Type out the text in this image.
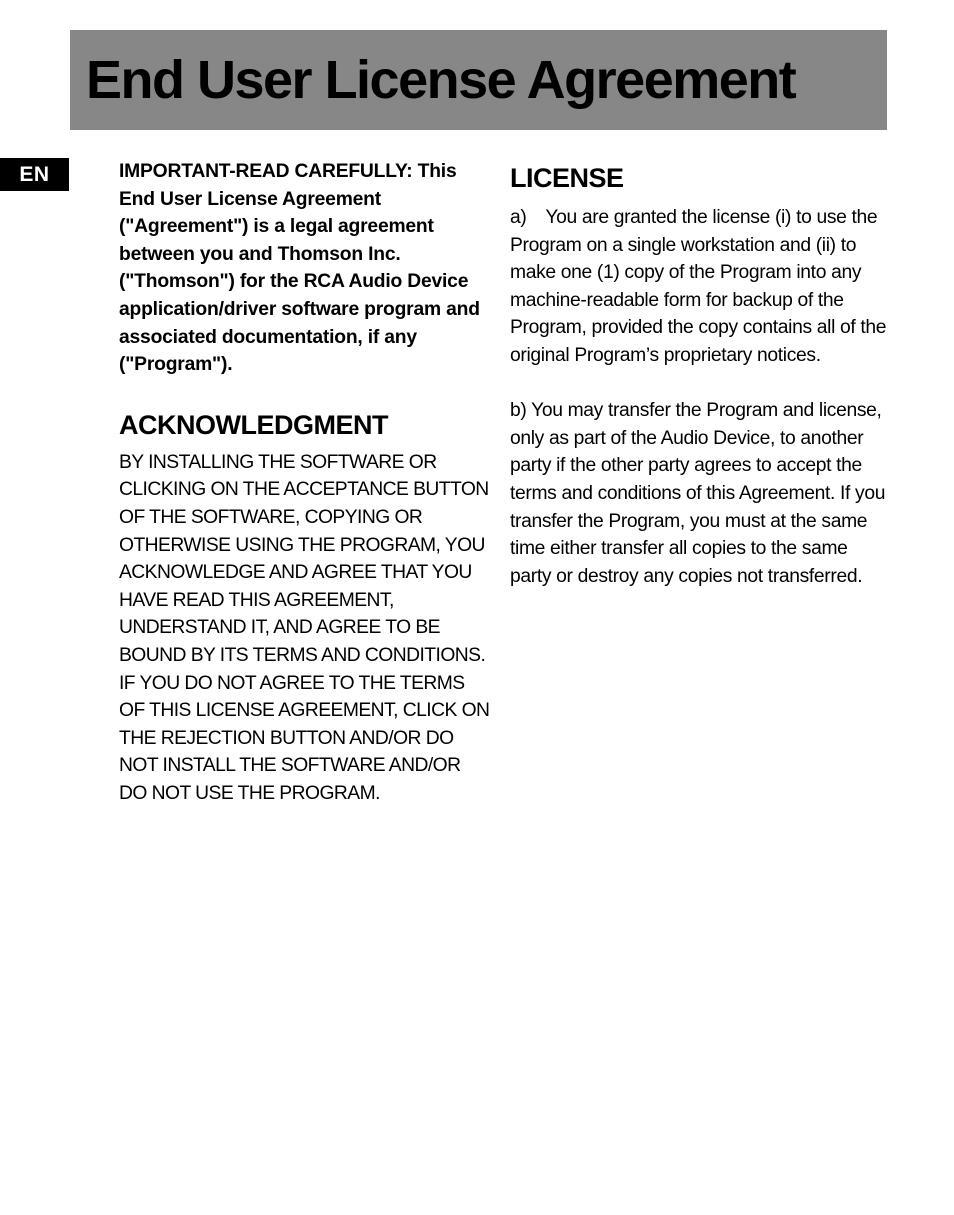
End User License Agreement
EN	IMPORTANT-READ CAREFULLY: This End User License Agreement ("Agreement") is a legal agreement between you and Thomson Inc. ("Thomson") for the RCA Audio Device application/driver software program and associated documentation, if any ("Program").

ACKNOWLEDGMENT

BY INSTALLING THE SOFTWARE OR CLICKING ON THE ACCEPTANCE BUTTON OF THE SOFTWARE, COPYING OR OTHERWISE USING THE PROGRAM, YOU ACKNOWLEDGE AND AGREE THAT YOU HAVE READ THIS AGREEMENT, UNDERSTAND IT, AND AGREE TO BE BOUND BY ITS TERMS AND CONDITIONS. IF YOU DO NOT AGREE TO THE TERMS OF THIS LICENSE AGREEMENT, CLICK ON THE REJECTION BUTTON AND/OR DO NOT INSTALL THE SOFTWARE AND/OR DO NOT USE THE PROGRAM.

LICENSE

a) You are granted the license (i) to use the Program on a single workstation and (ii) to make one (1) copy of the Program into any machine-readable form for backup of the Program, provided the copy contains all of the original Program’s proprietary notices.

b) You may transfer the Program and license, only as part of the Audio Device, to another party if the other party agrees to accept the terms and conditions of this Agreement. If you transfer the Program, you must at the same time either transfer all copies to the same party or destroy any copies not transferred.
